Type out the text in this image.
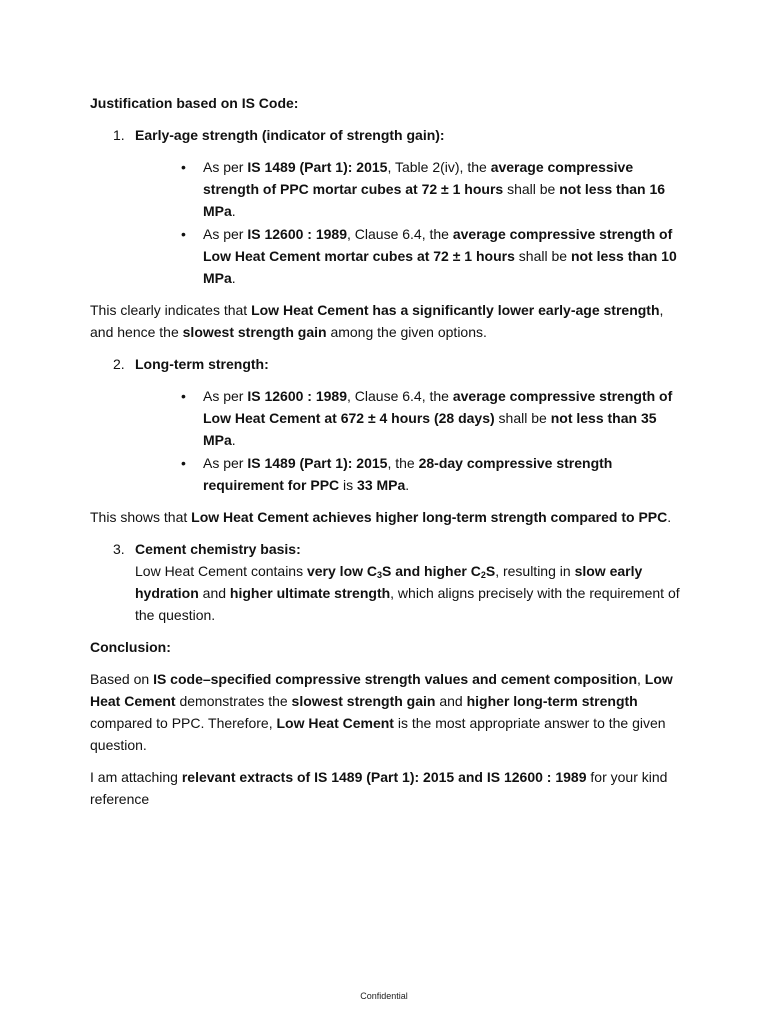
Justification based on IS Code:

1. Early-age strength (indicator of strength gain):
• As per IS 1489 (Part 1): 2015, Table 2(iv), the average compressive strength of PPC mortar cubes at 72 ± 1 hours shall be not less than 16 MPa.
• As per IS 12600 : 1989, Clause 6.4, the average compressive strength of Low Heat Cement mortar cubes at 72 ± 1 hours shall be not less than 10 MPa.

This clearly indicates that Low Heat Cement has a significantly lower early-age strength, and hence the slowest strength gain among the given options.

2. Long-term strength:
• As per IS 12600 : 1989, Clause 6.4, the average compressive strength of Low Heat Cement at 672 ± 4 hours (28 days) shall be not less than 35 MPa.
• As per IS 1489 (Part 1): 2015, the 28-day compressive strength requirement for PPC is 33 MPa.

This shows that Low Heat Cement achieves higher long-term strength compared to PPC.

3. Cement chemistry basis:
Low Heat Cement contains very low $C_3S$ and higher $C_2S$, resulting in slow early hydration and higher ultimate strength, which aligns precisely with the requirement of the question.

Conclusion:

Based on IS code–specified compressive strength values and cement composition, Low Heat Cement demonstrates the slowest strength gain and higher long-term strength compared to PPC. Therefore, Low Heat Cement is the most appropriate answer to the given question.

I am attaching relevant extracts of IS 1489 (Part 1): 2015 and IS 12600 : 1989 for your kind reference

Confidential
